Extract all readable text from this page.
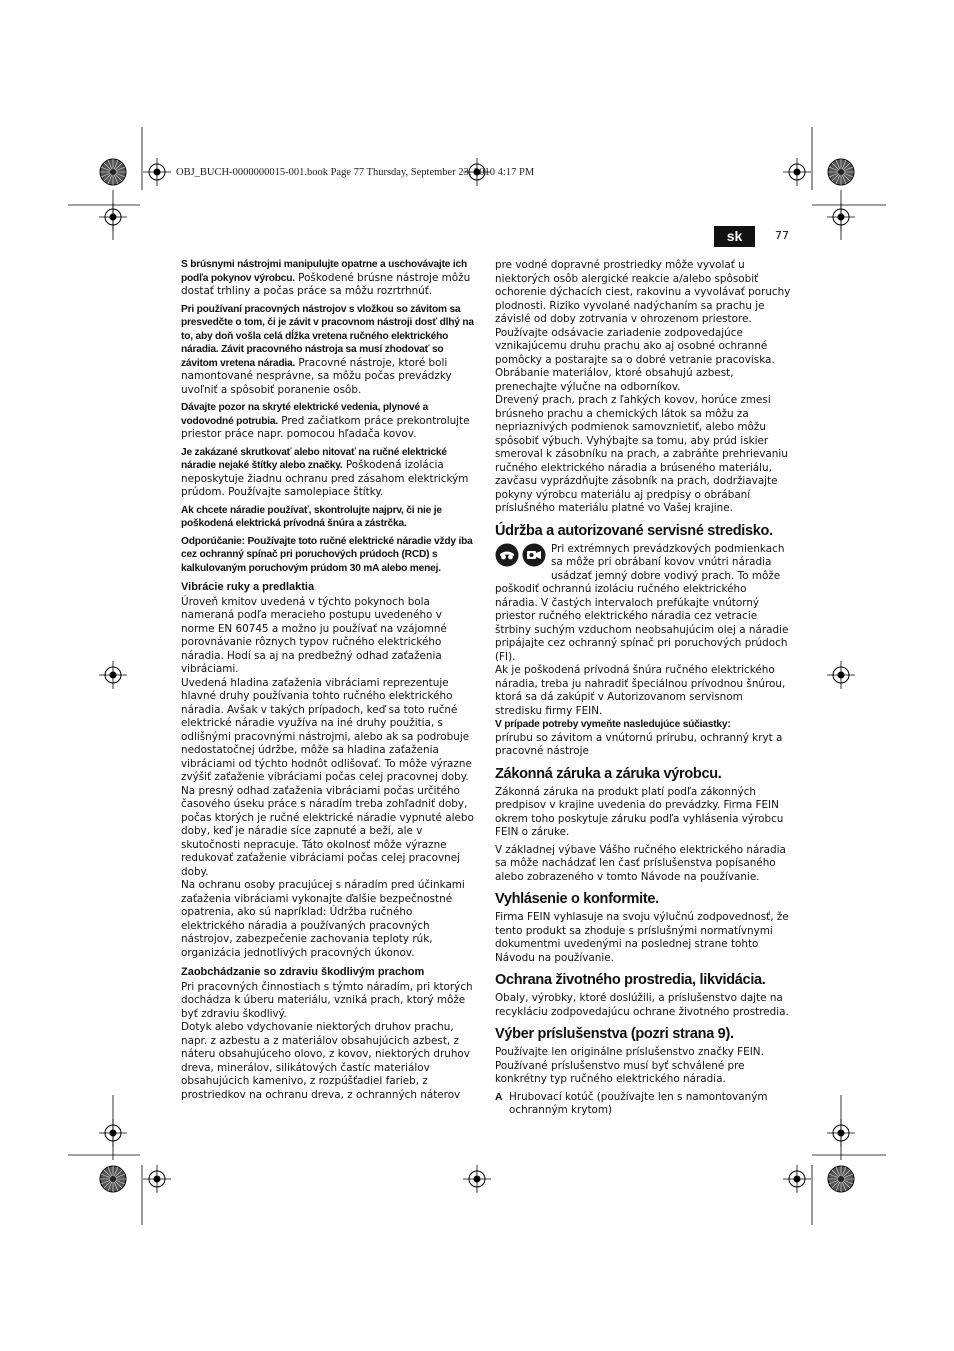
OBJ_BUCH-0000000015-001.book Page 77 Thursday, September 23, 2010 4:17 PM
sk	77

S brúsnymi nástrojmi manipulujte opatrne a uschovávajte ich podľa pokynov výrobcu. Poškodené brúsne nástroje môžu dostať trhliny a počas práce sa môžu rozrtrhnúť.

Pri používaní pracovných nástrojov s vložkou so závitom sa presvedčte o tom, či je závit v pracovnom nástroji dosť dlhý na to, aby doň vošla celá dĺžka vretena ručného elektrického náradia. Závit pracovného nástroja sa musí zhodovať so závitom vretena náradia. Pracovné nástroje, ktoré boli namontované nesprávne, sa môžu počas prevádzky uvoľniť a spôsobiť poranenie osôb.

Dávajte pozor na skryté elektrické vedenia, plynové a vodovodné potrubia. Pred začiatkom práce prekontrolujte priestor práce napr. pomocou hľadača kovov.

Je zakázané skrutkovať alebo nitovať na ručné elektrické náradie nejaké štítky alebo značky. Poškodená izolácia neposkytuje žiadnu ochranu pred zásahom elektrickým prúdom. Používajte samolepiace štítky.

Ak chcete náradie používať, skontrolujte najprv, či nie je poškodená elektrická prívodná šnúra a zástrčka.

Odporúčanie: Používajte toto ručné elektrické náradie vždy iba cez ochranný spínač pri poruchových prúdoch (RCD) s kalkulovaným poruchovým prúdom 30 mA alebo menej.

Vibrácie ruky a predlaktia

Úroveň kmitov uvedená v týchto pokynoch bola nameraná podľa meracieho postupu uvedeného v norme EN 60745 a možno ju používať na vzájomné porovnávanie rôznych typov ručného elektrického náradia. Hodí sa aj na predbežný odhad zaťaženia vibráciami.

Uvedená hladina zaťaženia vibráciami reprezentuje hlavné druhy používania tohto ručného elektrického náradia. Avšak v takých prípadoch, keď sa toto ručné elektrické náradie využíva na iné druhy použitia, s odlišnými pracovnými nástrojmi, alebo ak sa podrobuje nedostatočnej údržbe, môže sa hladina zaťaženia vibráciami od týchto hodnôt odlišovať. To môže výrazne zvýšiť zaťaženie vibráciami počas celej pracovnej doby.

Na presný odhad zaťaženia vibráciami počas určitého časového úseku práce s náradím treba zohľadniť doby, počas ktorých je ručné elektrické náradie vypnuté alebo doby, keď je náradie síce zapnuté a beží, ale v skutočnosti nepracuje. Táto okolnosť môže výrazne redukovať zaťaženie vibráciami počas celej pracovnej doby.

Na ochranu osoby pracujúcej s náradím pred účinkami zaťaženia vibráciami vykonajte ďalšie bezpečnostné opatrenia, ako sú napríklad: Údržba ručného elektrického náradia a používaných pracovných nástrojov, zabezpečenie zachovania teploty rúk, organizácia jednotlivých pracovných úkonov.

Zaobchádzanie so zdraviu škodlivým prachom

Pri pracovných činnostiach s týmto náradím, pri ktorých dochádza k úberu materiálu, vzniká prach, ktorý môže byť zdraviu škodlivý.

Dotyk alebo vdychovanie niektorých druhov prachu, napr. z azbestu a z materiálov obsahujúcich azbest, z náteru obsahujúceho olovo, z kovov, niektorých druhov dreva, minerálov, silikátových častíc materiálov obsahujúcich kamenivo, z rozpúšťadiel farieb, z prostriedkov na ochranu dreva, z ochranných náterov

pre vodné dopravné prostriedky môže vyvolať u niektorých osôb alergické reakcie a/alebo spôsobiť ochorenie dýchacích ciest, rakovinu a vyvolávať poruchy plodnosti. Riziko vyvolané nadýchaním sa prachu je závislé od doby zotrvania v ohrozenom priestore.

Používajte odsávacie zariadenie zodpovedajúce vznikajúcemu druhu prachu ako aj osobné ochranné pomôcky a postarajte sa o dobré vetranie pracoviska.

Obrábanie materiálov, ktoré obsahujú azbest, prenechajte výlučne na odborníkov.

Drevený prach, prach z ľahkých kovov, horúce zmesi brúsneho prachu a chemických látok sa môžu za nepriaznivých podmienok samovznietiť, alebo môžu spôsobiť výbuch. Vyhýbajte sa tomu, aby prúd iskier smeroval k zásobníku na prach, a zabráňte prehrievaniu ručného elektrického náradia a brúseného materiálu, zavčasu vyprázdňujte zásobník na prach, dodržiavajte pokyny výrobcu materiálu aj predpisy o obrábaní príslušného materiálu platné vo Vašej krajine.

Údržba a autorizované servisné stredisko.
Pri extrémnych prevádzkových podmienkach sa môže pri obrábaní kovov vnútri náradia usádzať jemný dobre vodivý prach. To môže poškodiť ochrannú izoláciu ručného elektrického náradia. V častých intervaloch prefúkajte vnútorný priestor ručného elektrického náradia cez vetracie štrbiny suchým vzduchom neobsahujúcim olej a náradie pripájajte cez ochranný spínač pri poruchových prúdoch (FI).

Ak je poškodená prívodná šnúra ručného elektrického náradia, treba ju nahradiť špeciálnou prívodnou šnúrou, ktorá sa dá zakúpiť v Autorizovanom servisnom stredisku firmy FEIN.

V prípade potreby vymeňte nasledujúce súčiastky:
prírubu so závitom a vnútornú prírubu, ochranný kryt a pracovné nástroje

Zákonná záruka a záruka výrobcu.

Zákonná záruka na produkt platí podľa zákonných predpisov v krajine uvedenia do prevádzky. Firma FEIN okrem toho poskytuje záruku podľa vyhlásenia výrobcu FEIN o záruke.

V základnej výbave Vášho ručného elektrického náradia sa môže nachádzať len časť príslušenstva popísaného alebo zobrazeného v tomto Návode na používanie.

Vyhlásenie o konformite.

Firma FEIN vyhlasuje na svoju výlučnú zodpovednosť, že tento produkt sa zhoduje s príslušnými normatívnymi dokumentmi uvedenými na poslednej strane tohto Návodu na používanie.

Ochrana životného prostredia, likvidácia.

Obaly, výrobky, ktoré doslúžili, a príslušenstvo dajte na recykláciu zodpovedajúcu ochrane životného prostredia.

Výber príslušenstva (pozri strana 9).

Používajte len originálne príslušenstvo značky FEIN. Používané príslušenstvo musí byť schválené pre konkrétny typ ručného elektrického náradia.

A Hrubovací kotúč (používajte len s namontovaným ochranným krytom)
